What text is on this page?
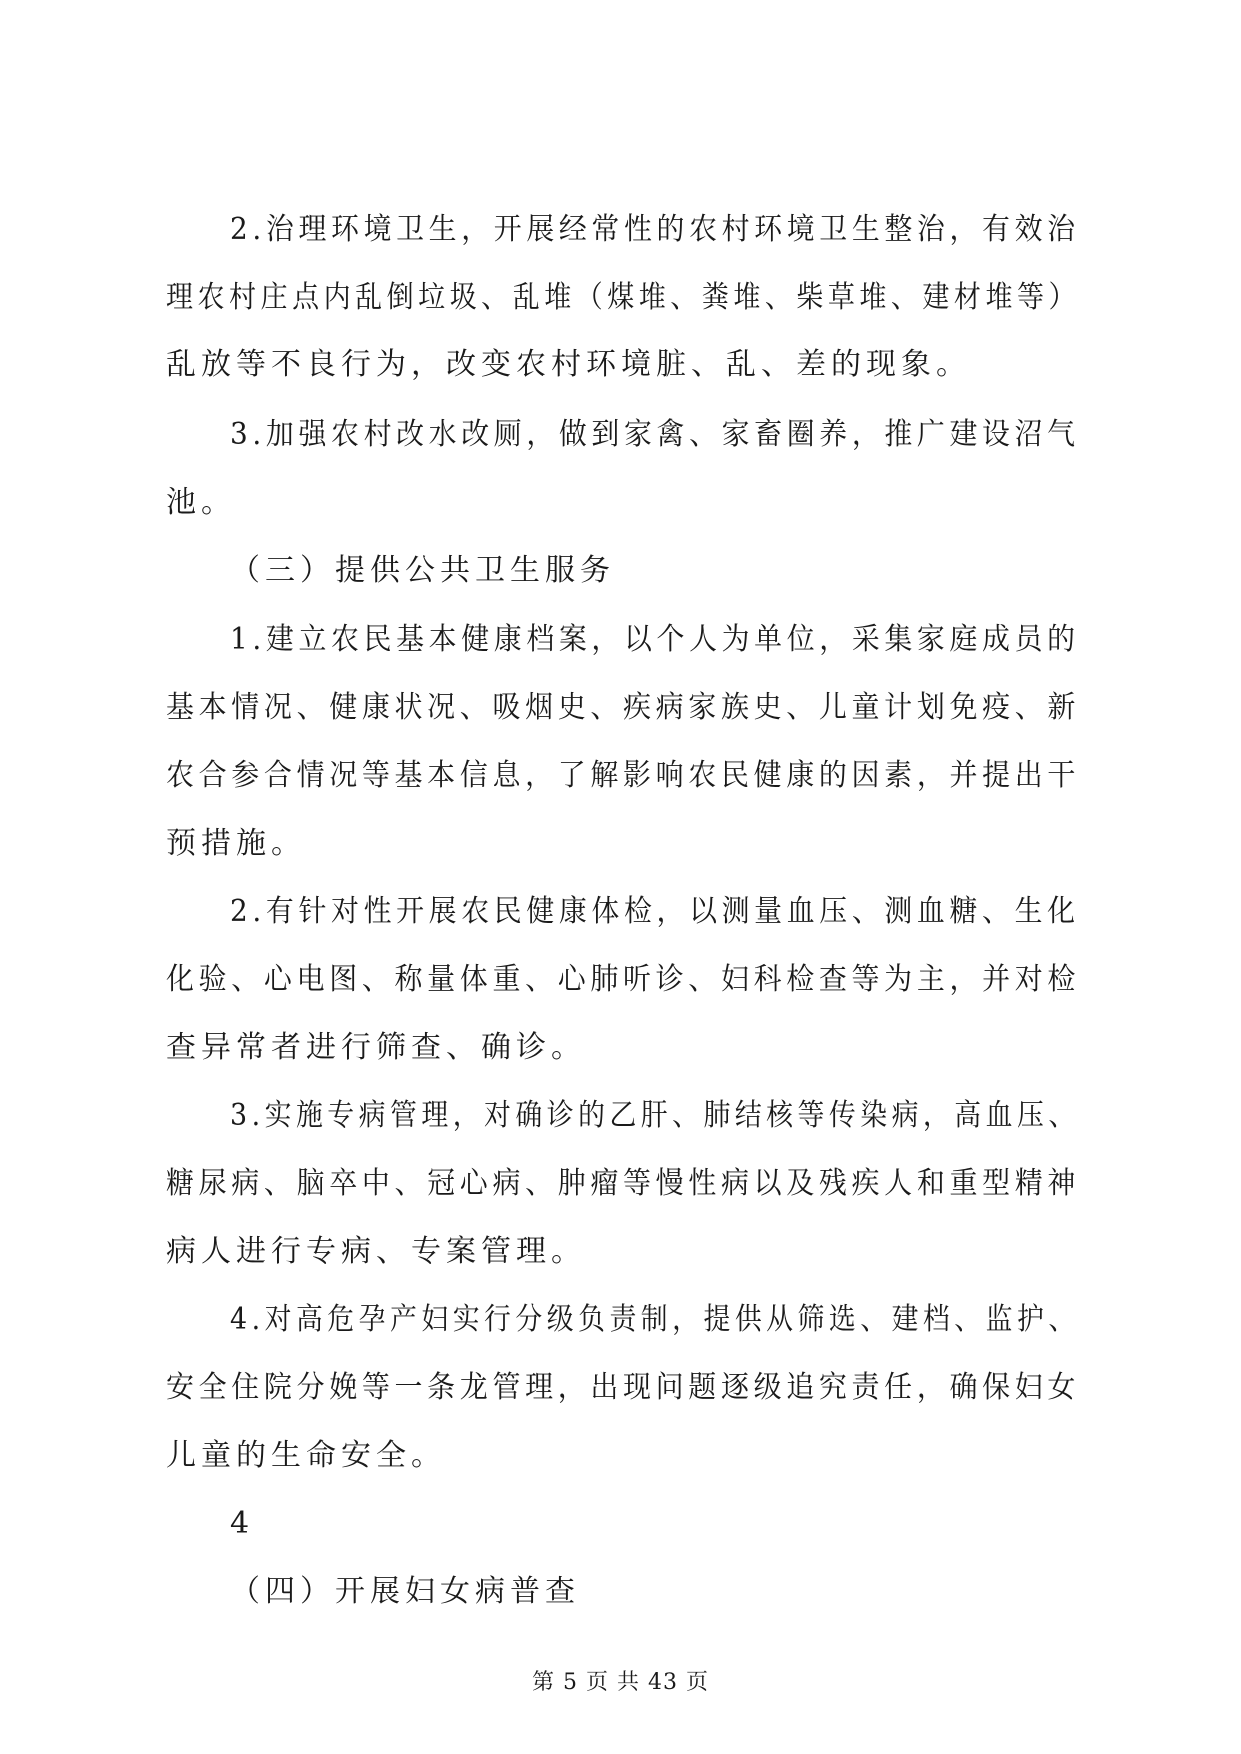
2.治理环境卫生，开展经常性的农村环境卫生整治，有效治
理农村庄点内乱倒垃圾、乱堆（煤堆、粪堆、柴草堆、建材堆等）
乱放等不良行为，改变农村环境脏、乱、差的现象。
3.加强农村改水改厕，做到家禽、家畜圈养，推广建设沼气
池。
（三）提供公共卫生服务
1.建立农民基本健康档案，以个人为单位，采集家庭成员的
基本情况、健康状况、吸烟史、疾病家族史、儿童计划免疫、新
农合参合情况等基本信息，了解影响农民健康的因素，并提出干
预措施。
2.有针对性开展农民健康体检，以测量血压、测血糖、生化
化验、心电图、称量体重、心肺听诊、妇科检查等为主，并对检
查异常者进行筛查、确诊。
3.实施专病管理，对确诊的乙肝、肺结核等传染病，高血压、
糖尿病、脑卒中、冠心病、肿瘤等慢性病以及残疾人和重型精神
病人进行专病、专案管理。
4.对高危孕产妇实行分级负责制，提供从筛选、建档、监护、
安全住院分娩等一条龙管理，出现问题逐级追究责任，确保妇女
儿童的生命安全。
4
（四）开展妇女病普查
第 5 页 共 43 页
